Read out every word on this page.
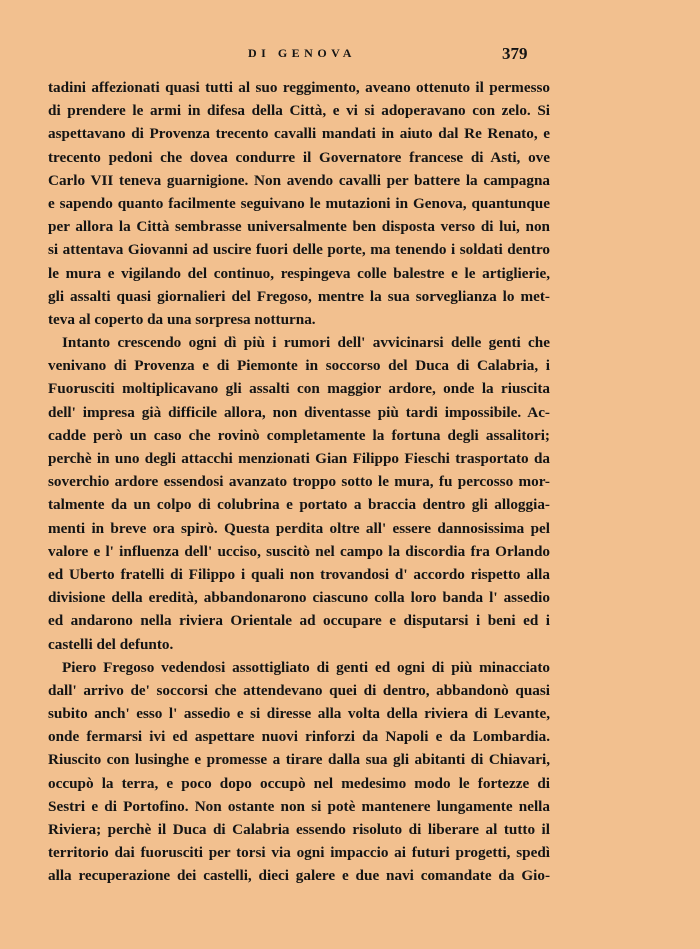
DI GENOVA	379
tadini affezionati quasi tutti al suo reggimento, aveano ottenuto il permesso
di prendere le armi in difesa della Città, e vi si adoperavano con zelo. Si
aspettavano di Provenza trecento cavalli mandati in aiuto dal Re Renato, e
trecento pedoni che dovea condurre il Governatore francese di Asti, ove
Carlo VII teneva guarnigione. Non avendo cavalli per battere la campagna
e sapendo quanto facilmente seguivano le mutazioni in Genova, quantunque
per allora la Città sembrasse universalmente ben disposta verso di lui, non
si attentava Giovanni ad uscire fuori delle porte, ma tenendo i soldati dentro
le mura e vigilando del continuo, respingeva colle balestre e le artiglierie,
gli assalti quasi giornalieri del Fregoso, mentre la sua sorveglianza lo met-
teva al coperto da una sorpresa notturna.
Intanto crescendo ogni dì più i rumori dell' avvicinarsi delle genti che
venivano di Provenza e di Piemonte in soccorso del Duca di Calabria, i
Fuorusciti moltiplicavano gli assalti con maggior ardore, onde la riuscita
dell' impresa già difficile allora, non diventasse più tardi impossibile. Ac-
cadde però un caso che rovinò completamente la fortuna degli assalitori;
perchè in uno degli attacchi menzionati Gian Filippo Fieschi trasportato da
soverchio ardore essendosi avanzato troppo sotto le mura, fu percosso mor-
talmente da un colpo di colubrina e portato a braccia dentro gli alloggia-
menti in breve ora spirò. Questa perdita oltre all' essere dannosissima pel
valore e l' influenza dell' ucciso, suscitò nel campo la discordia fra Orlando
ed Uberto fratelli di Filippo i quali non trovandosi d' accordo rispetto alla
divisione della eredità, abbandonarono ciascuno colla loro banda l' assedio
ed andarono nella riviera Orientale ad occupare e disputarsi i beni ed i
castelli del defunto.
Piero Fregoso vedendosi assottigliato di genti ed ogni di più minacciato
dall' arrivo de' soccorsi che attendevano quei di dentro, abbandonò quasi
subito anch' esso l' assedio e si diresse alla volta della riviera di Levante,
onde fermarsi ivi ed aspettare nuovi rinforzi da Napoli e da Lombardia.
Riuscito con lusinghe e promesse a tirare dalla sua gli abitanti di Chiavari,
occupò la terra, e poco dopo occupò nel medesimo modo le fortezze di
Sestri e di Portofino. Non ostante non si potè mantenere lungamente nella
Riviera; perchè il Duca di Calabria essendo risoluto di liberare al tutto il
territorio dai fuorusciti per torsi via ogni impaccio ai futuri progetti, spedì
alla recuperazione dei castelli, dieci galere e due navi comandate da Gio-
